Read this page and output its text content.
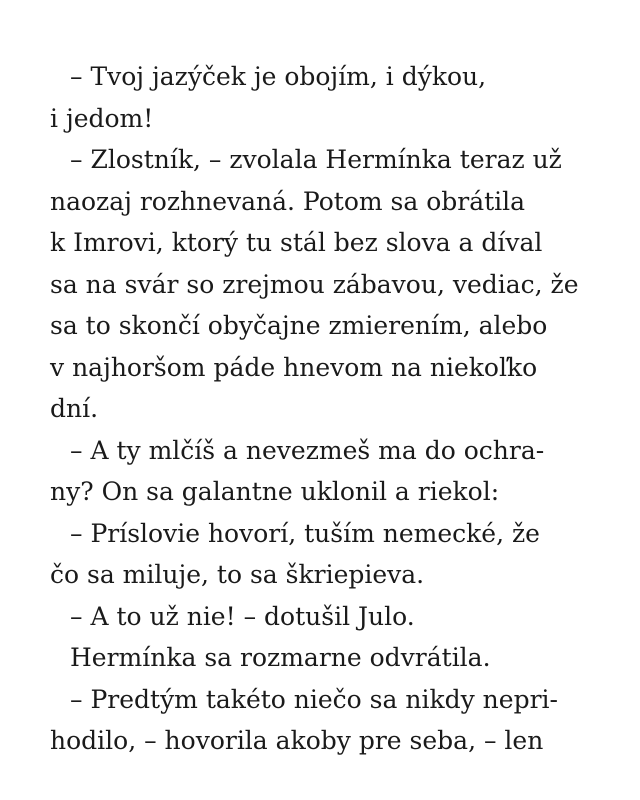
– Tvoj jazýček je obojím, i dýkou,
i jedom!
– Zlostník, – zvolala Hermínka teraz už
naozaj rozhnevaná. Potom sa obrátila
k Imrovi, ktorý tu stál bez slova a díval
sa na svár so zrejmou zábavou, vediac, že
sa to skončí obyčajne zmierením, alebo
v najhoršom páde hnevom na niekoľko
dní.
– A ty mlčíš a nevezmeš ma do ochra-
ny? On sa galantne uklonil a riekol:
– Príslovie hovorí, tuším nemecké, že
čo sa miluje, to sa škriepieva.
– A to už nie! – dotušil Julo.
Hermínka sa rozmarne odvrátila.
– Predtým takéto niečo sa nikdy nepri-
hodilo, – hovorila akoby pre seba, – len
